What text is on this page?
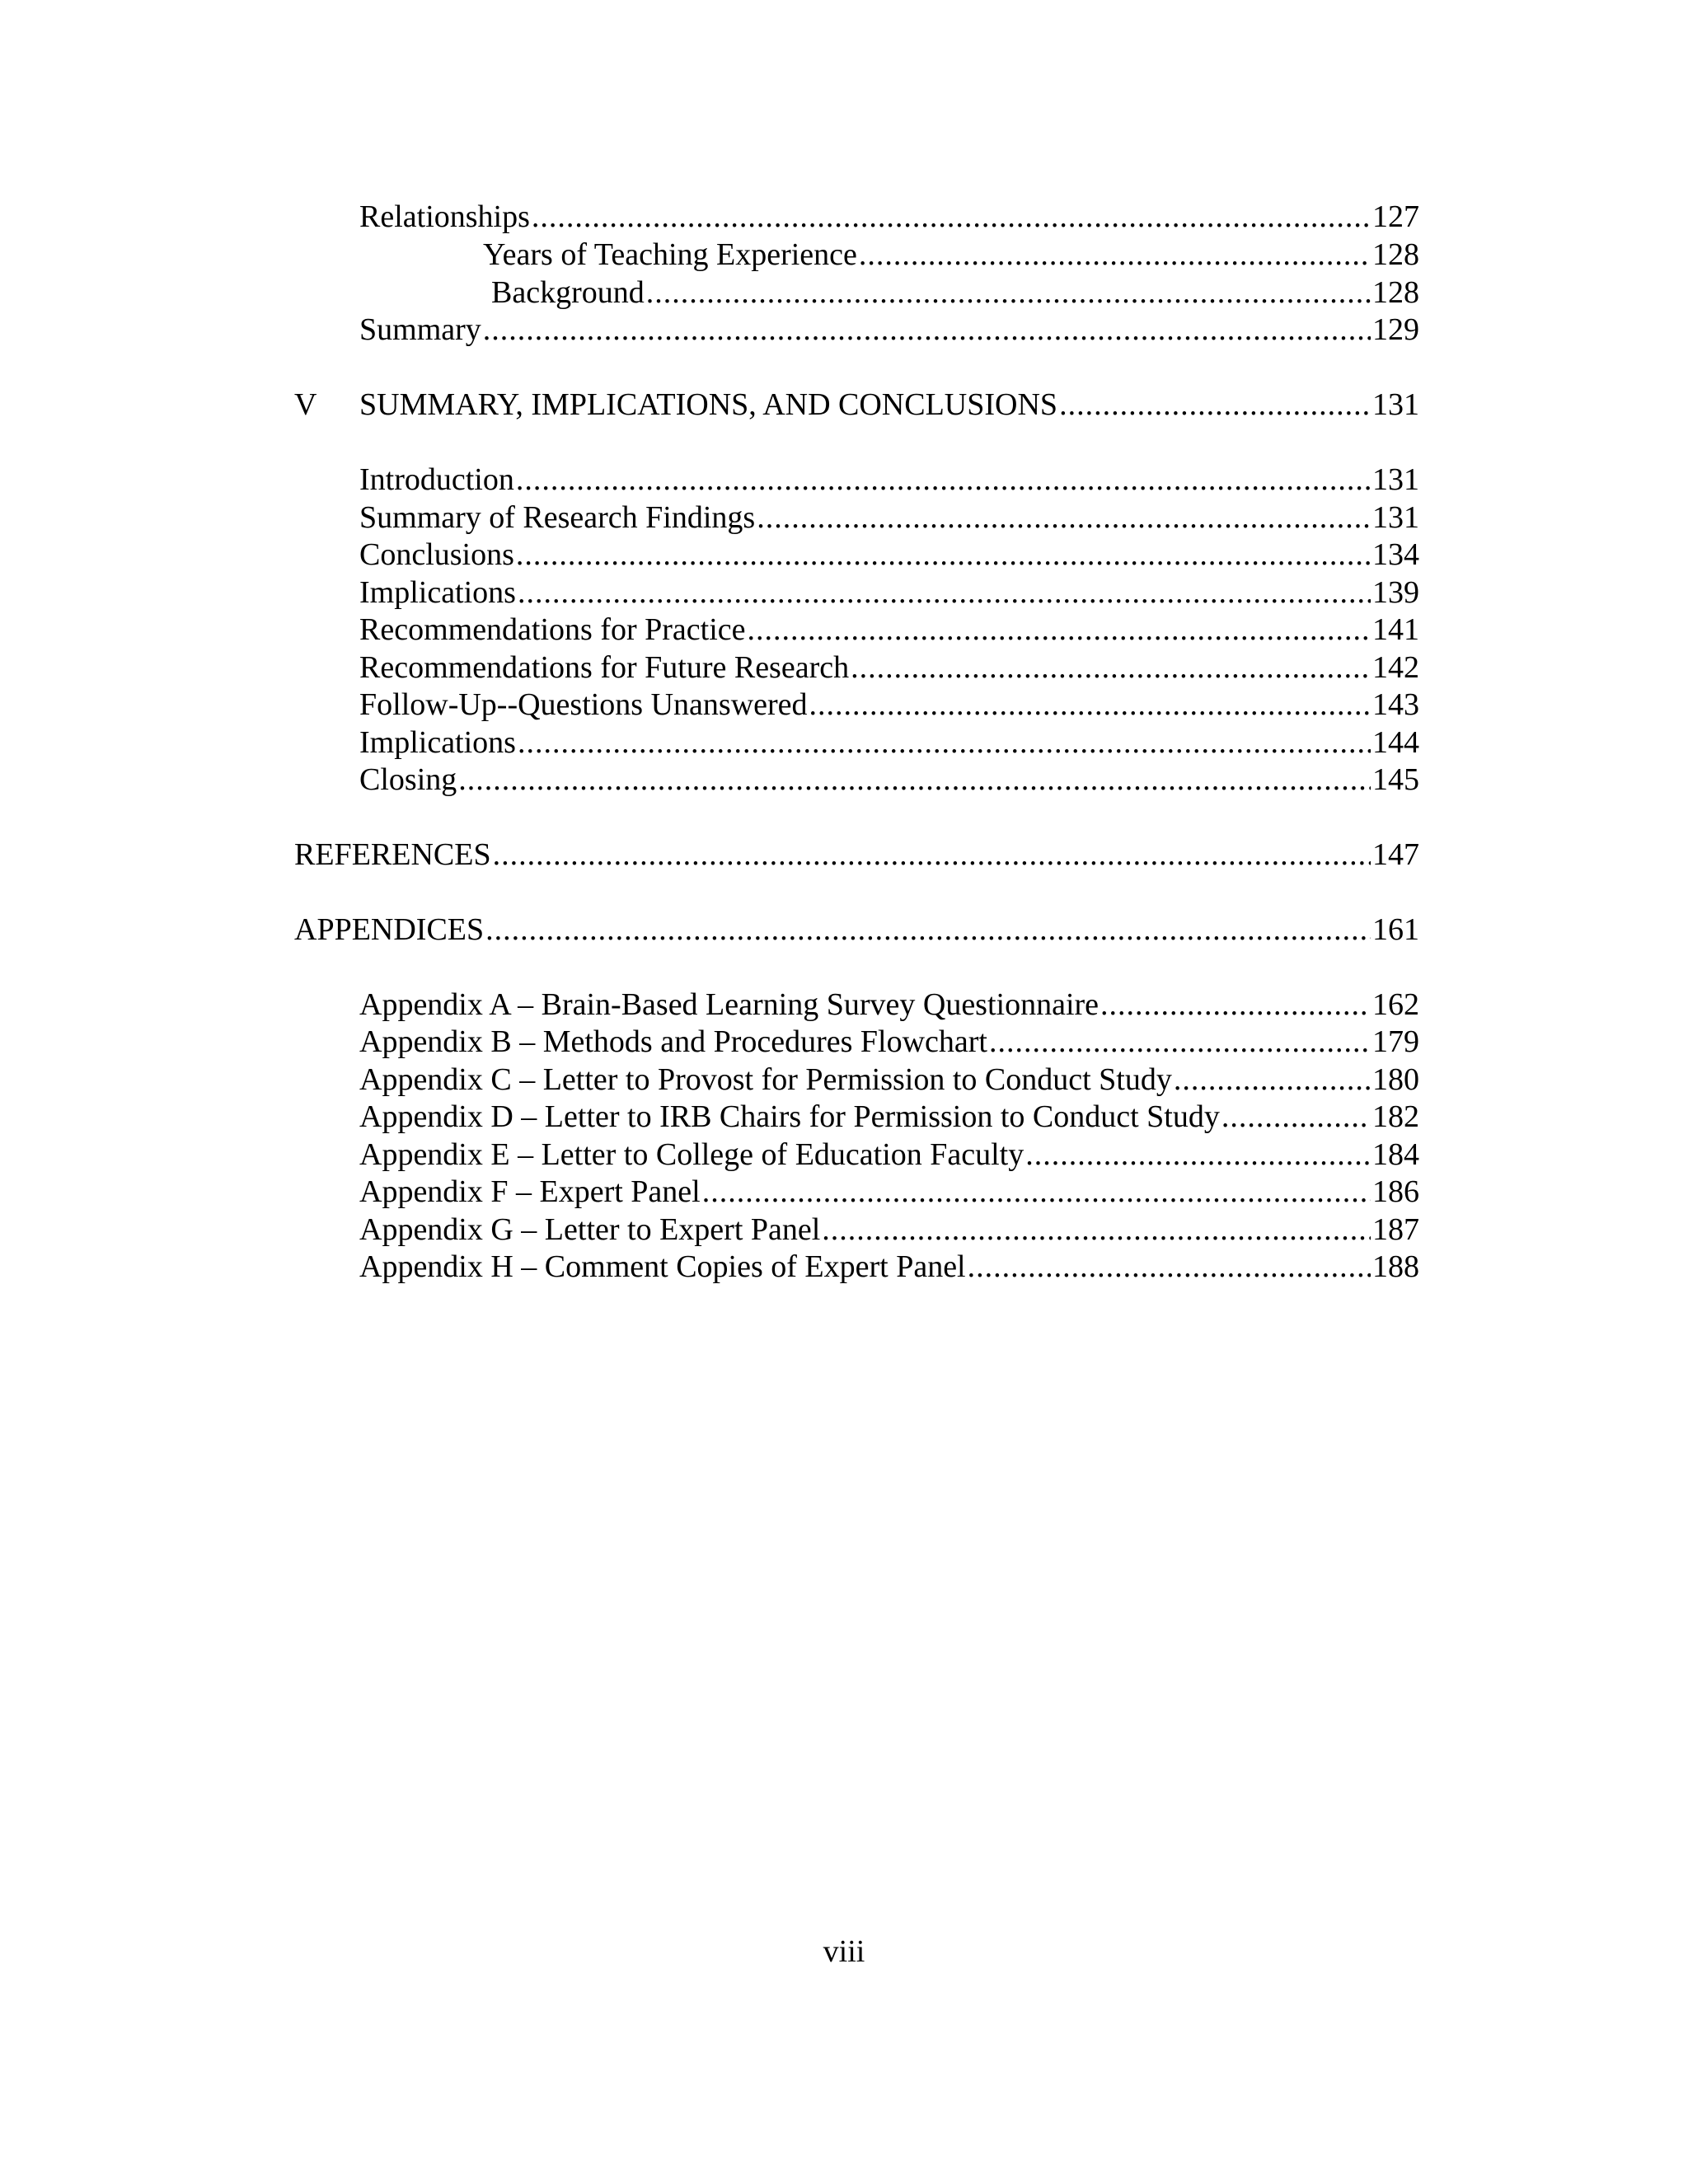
Relationships .....	127
Years of Teaching Experience .....	128
Background .....	128
Summary .....	129
V SUMMARY, IMPLICATIONS, AND CONCLUSIONS .....	131
Introduction .....	131
Summary of Research Findings .....	131
Conclusions .....	134
Implications .....	139
Recommendations for Practice .....	141
Recommendations for Future Research .....	142
Follow-Up--Questions Unanswered .....	143
Implications .....	144
Closing .....	145
REFERENCES .....	147
APPENDICES .....	161
Appendix A – Brain-Based Learning Survey Questionnaire .....	162
Appendix B – Methods and Procedures Flowchart .....	179
Appendix C – Letter to Provost for Permission to Conduct Study .....	180
Appendix D – Letter to IRB Chairs for Permission to Conduct Study .....	182
Appendix E – Letter to College of Education Faculty .....	184
Appendix F – Expert Panel .....	186
Appendix G – Letter to Expert Panel .....	187
Appendix H – Comment Copies of Expert Panel .....	188
viii
